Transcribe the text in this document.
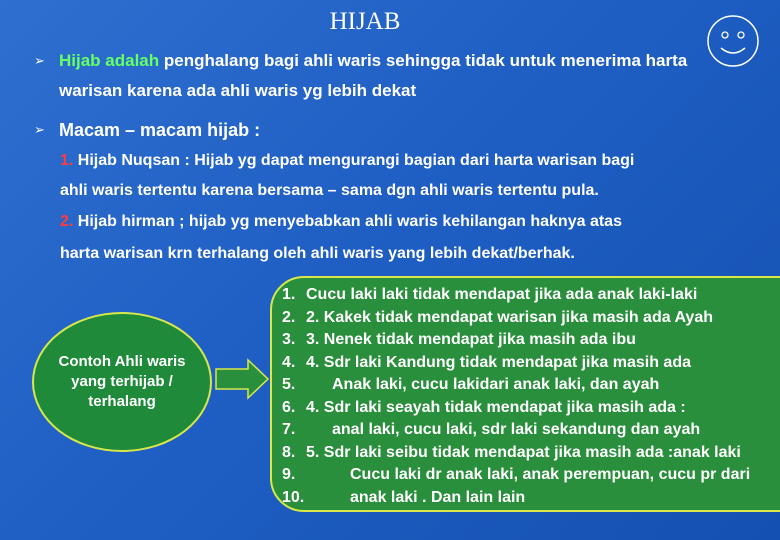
HIJAB
➢ Hijab adalah penghalang bagi ahli waris sehingga tidak untuk menerima harta
warisan karena ada ahli waris yg lebih dekat
➢ Macam – macam hijab :
1. Hijab Nuqsan : Hijab yg dapat mengurangi bagian dari harta warisan bagi
ahli waris tertentu karena bersama – sama dgn ahli waris tertentu pula.
2. Hijab hirman ; hijab yg menyebabkan ahli waris kehilangan haknya atas
harta warisan krn terhalang oleh ahli waris yang lebih dekat/berhak.
Contoh Ahli waris
yang terhijab /
terhalang
1. Cucu laki laki tidak mendapat jika ada anak laki-laki
2. 2. Kakek tidak mendapat warisan jika masih ada Ayah
3. 3. Nenek tidak mendapat jika masih ada ibu
4. 4. Sdr laki Kandung tidak mendapat jika masih ada
5. Anak laki, cucu lakidari anak laki, dan ayah
6. 4. Sdr laki seayah tidak mendapat jika masih ada :
7. anal laki, cucu laki, sdr laki sekandung dan ayah
8. 5. Sdr laki seibu tidak mendapat jika masih ada :anak laki
9.	Cucu laki dr anak laki, anak perempuan, cucu pr dari
10.	anak laki . Dan lain lain
